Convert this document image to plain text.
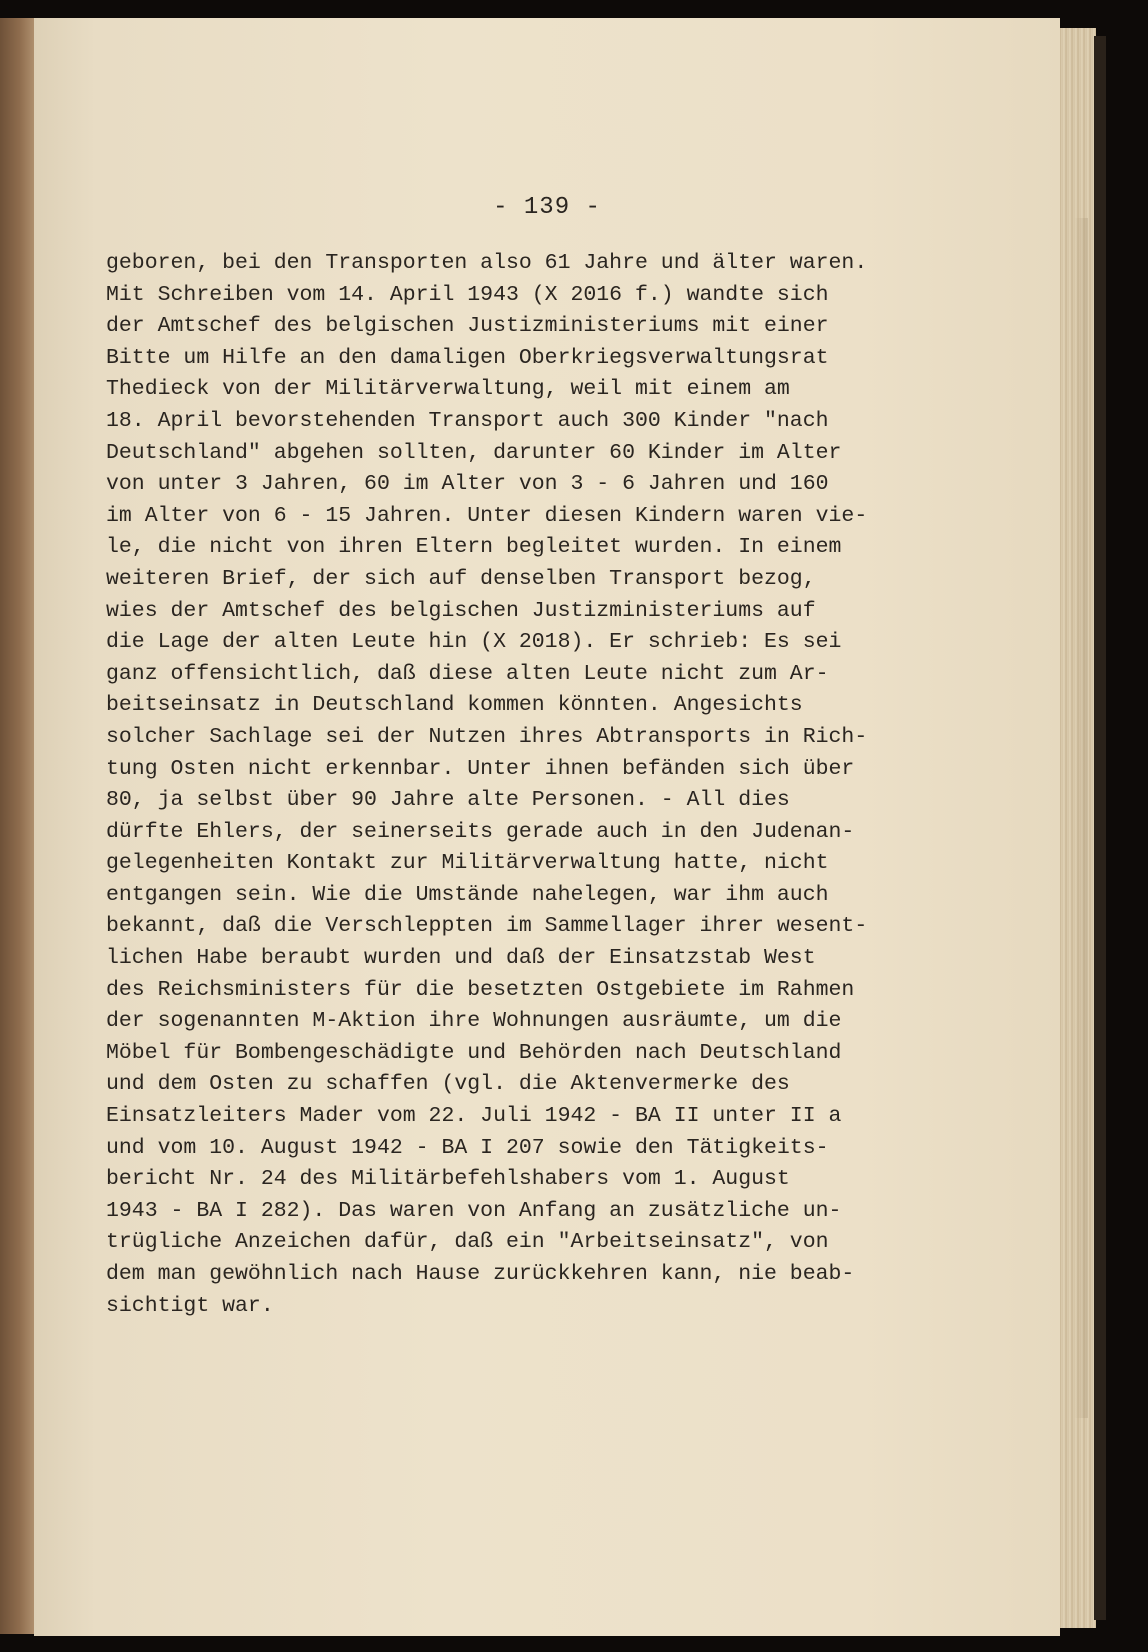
- 139 -
geboren, bei den Transporten also 61 Jahre und älter waren.
Mit Schreiben vom 14. April 1943 (X 2016 f.) wandte sich
der Amtschef des belgischen Justizministeriums mit einer
Bitte um Hilfe an den damaligen Oberkriegsverwaltungsrat
Thedieck von der Militärverwaltung, weil mit einem am
18. April bevorstehenden Transport auch 300 Kinder "nach
Deutschland" abgehen sollten, darunter 60 Kinder im Alter
von unter 3 Jahren, 60 im Alter von 3 - 6 Jahren und 160
im Alter von 6 - 15 Jahren. Unter diesen Kindern waren vie-
le, die nicht von ihren Eltern begleitet wurden. In einem
weiteren Brief, der sich auf denselben Transport bezog,
wies der Amtschef des belgischen Justizministeriums auf
die Lage der alten Leute hin (X 2018). Er schrieb: Es sei
ganz offensichtlich, daß diese alten Leute nicht zum Ar-
beitseinsatz in Deutschland kommen könnten. Angesichts
solcher Sachlage sei der Nutzen ihres Abtransports in Rich-
tung Osten nicht erkennbar. Unter ihnen befänden sich über
80, ja selbst über 90 Jahre alte Personen. - All dies
dürfte Ehlers, der seinerseits gerade auch in den Judenan-
gelegenheiten Kontakt zur Militärverwaltung hatte, nicht
entgangen sein. Wie die Umstände nahelegen, war ihm auch
bekannt, daß die Verschleppten im Sammellager ihrer wesent-
lichen Habe beraubt wurden und daß der Einsatzstab West
des Reichsministers für die besetzten Ostgebiete im Rahmen
der sogenannten M-Aktion ihre Wohnungen ausräumte, um die
Möbel für Bombengeschädigte und Behörden nach Deutschland
und dem Osten zu schaffen (vgl. die Aktenvermerke des
Einsatzleiters Mader vom 22. Juli 1942 - BA II unter II a
und vom 10. August 1942 - BA I 207 sowie den Tätigkeits-
bericht Nr. 24 des Militärbefehlshabers vom 1. August
1943 - BA I 282). Das waren von Anfang an zusätzliche un-
trügliche Anzeichen dafür, daß ein "Arbeitseinsatz", von
dem man gewöhnlich nach Hause zurückkehren kann, nie beab-
sichtigt war.
